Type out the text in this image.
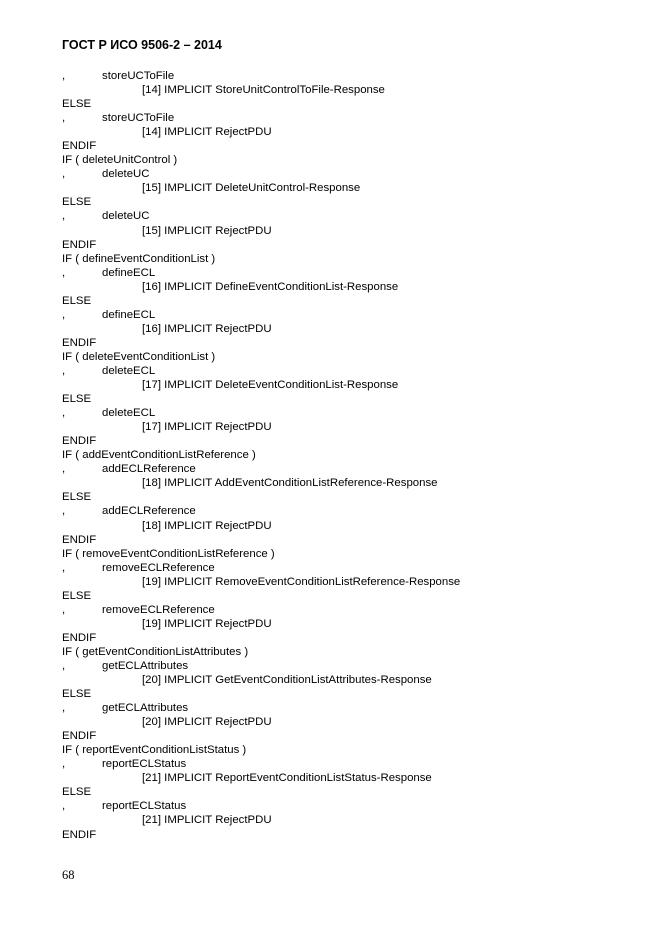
ГОСТ Р ИСО 9506-2 – 2014
,	storeUCToFile
[14] IMPLICIT StoreUnitControlToFile-Response
ELSE
,	storeUCToFile
[14] IMPLICIT RejectPDU
ENDIF
IF ( deleteUnitControl )
,	deleteUC
[15] IMPLICIT DeleteUnitControl-Response
ELSE
,	deleteUC
[15] IMPLICIT RejectPDU
ENDIF
IF ( defineEventConditionList )
,	defineECL
[16] IMPLICIT DefineEventConditionList-Response
ELSE
,	defineECL
[16] IMPLICIT RejectPDU
ENDIF
IF ( deleteEventConditionList )
,	deleteECL
[17] IMPLICIT DeleteEventConditionList-Response
ELSE
,	deleteECL
[17] IMPLICIT RejectPDU
ENDIF
IF ( addEventConditionListReference )
,	addECLReference
[18] IMPLICIT AddEventConditionListReference-Response
ELSE
,	addECLReference
[18] IMPLICIT RejectPDU
ENDIF
IF ( removeEventConditionListReference )
,	removeECLReference
[19] IMPLICIT RemoveEventConditionListReference-Response
ELSE
,	removeECLReference
[19] IMPLICIT RejectPDU
ENDIF
IF ( getEventConditionListAttributes )
,	getECLAttributes
[20] IMPLICIT GetEventConditionListAttributes-Response
ELSE
,	getECLAttributes
[20] IMPLICIT RejectPDU
ENDIF
IF ( reportEventConditionListStatus )
,	reportECLStatus
[21] IMPLICIT ReportEventConditionListStatus-Response
ELSE
,	reportECLStatus
[21] IMPLICIT RejectPDU
ENDIF
68
